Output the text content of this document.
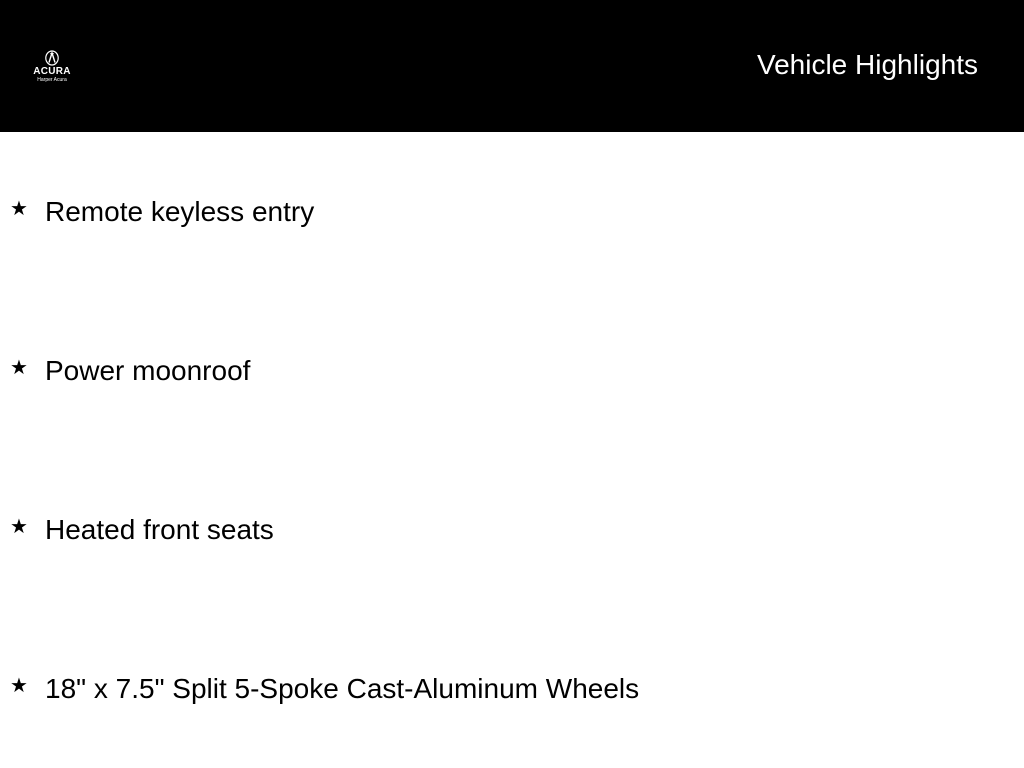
ACURA
Harper Acura	Vehicle Highlights
★ Remote keyless entry
★ Power moonroof
★ Heated front seats
★ 18" x 7.5" Split 5-Spoke Cast-Aluminum Wheels
